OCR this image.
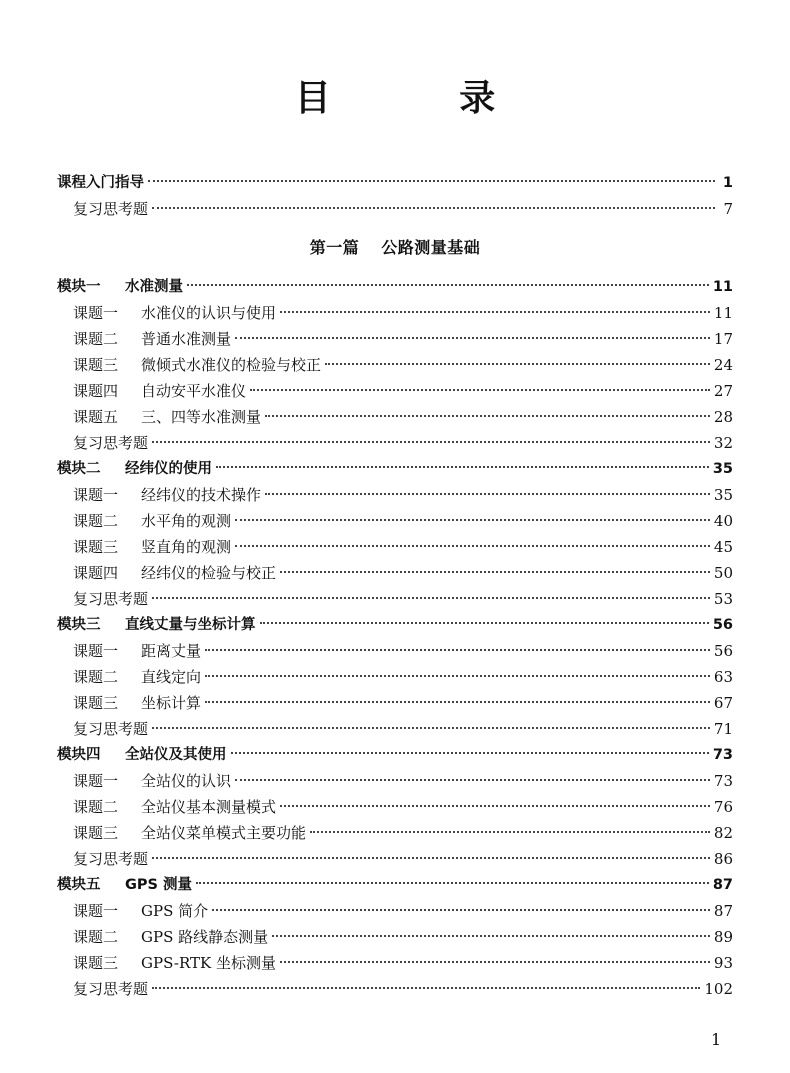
目 录
课程入门指导	1
复习思考题	7
第一篇 公路测量基础
模块一	水准测量	11
课题一	水准仪的认识与使用	11
课题二	普通水准测量	17
课题三	微倾式水准仪的检验与校正	24
课题四	自动安平水准仪	27
课题五	三、四等水准测量	28
复习思考题	32
模块二	经纬仪的使用	35
课题一	经纬仪的技术操作	35
课题二	水平角的观测	40
课题三	竖直角的观测	45
课题四	经纬仪的检验与校正	50
复习思考题	53
模块三	直线丈量与坐标计算	56
课题一	距离丈量	56
课题二	直线定向	63
课题三	坐标计算	67
复习思考题	71
模块四	全站仪及其使用	73
课题一	全站仪的认识	73
课题二	全站仪基本测量模式	76
课题三	全站仪菜单模式主要功能	82
复习思考题	86
模块五	GPS 测量	87
课题一	GPS 简介	87
课题二	GPS 路线静态测量	89
课题三	GPS-RTK 坐标测量	93
复习思考题	102
1
